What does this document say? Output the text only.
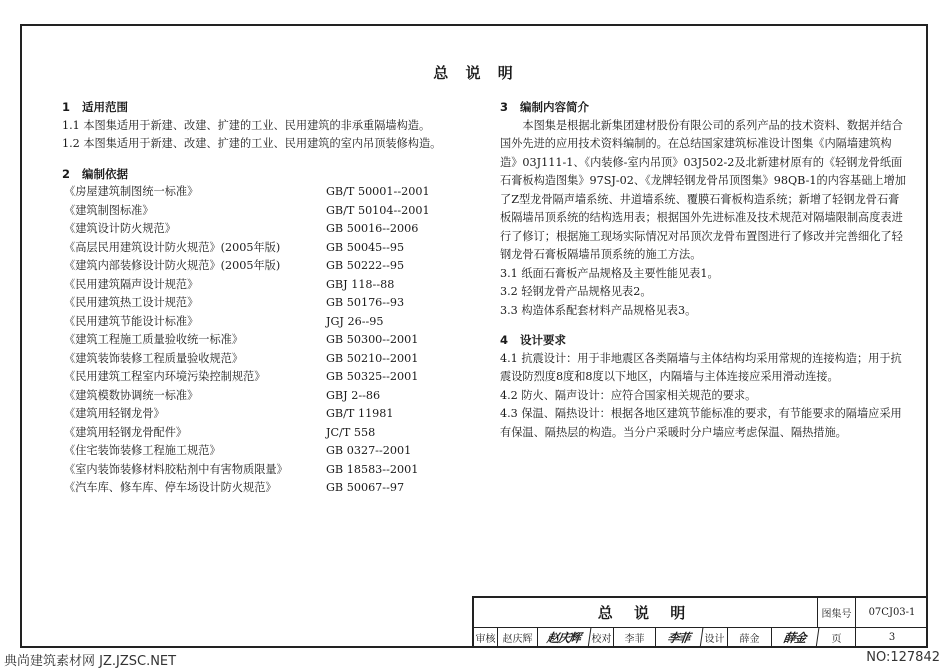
总 说 明
1   适用范围

1.1 本图集适用于新建、改建、扩建的工业、民用建筑的非承重隔墙构造。

1.2 本图集适用于新建、改建、扩建的工业、民用建筑的室内吊顶装修构造。

2   编制依据
《房屋建筑制图统一标准》	GB/T 50001--2001
《建筑制图标准》	GB/T 50104--2001
《建筑设计防火规范》	GB 50016--2006
《高层民用建筑设计防火规范》(2005年版)	GB 50045--95
《建筑内部装修设计防火规范》(2005年版)	GB 50222--95
《民用建筑隔声设计规范》	GBJ 118--88
《民用建筑热工设计规范》	GB 50176--93
《民用建筑节能设计标准》	JGJ 26--95
《建筑工程施工质量验收统一标准》	GB 50300--2001
《建筑装饰装修工程质量验收规范》	GB 50210--2001
《民用建筑工程室内环境污染控制规范》	GB 50325--2001
《建筑模数协调统一标准》	GBJ 2--86
《建筑用轻钢龙骨》	GB/T 11981
《建筑用轻钢龙骨配件》	JC/T 558
《住宅装饰装修工程施工规范》	GB 0327--2001
《室内装饰装修材料胶粘剂中有害物质限量》	GB 18583--2001
《汽车库、修车库、停车场设计防火规范》	GB 50067--97
3   编制内容简介

本图集是根据北新集团建材股份有限公司的系列产品的技术资料、数据并结合国外先进的应用技术资料编制的。在总结国家建筑标准设计图集《内隔墙建筑构造》03J111-1、《内装修-室内吊顶》03J502-2及北新建材原有的《轻钢龙骨纸面石膏板构造图集》97SJ-02、《龙牌轻钢龙骨吊顶图集》98QB-1的内容基础上增加了Z型龙骨隔声墙系统、井道墙系统、覆膜石膏板构造系统；新增了轻钢龙骨石膏板隔墙吊顶系统的结构选用表；根据国外先进标准及技术规范对隔墙限制高度表进行了修订；根据施工现场实际情况对吊顶次龙骨布置图进行了修改并完善细化了轻钢龙骨石膏板隔墙吊顶系统的施工方法。

3.1 纸面石膏板产品规格及主要性能见表1。

3.2 轻钢龙骨产品规格见表2。

3.3 构造体系配套材料产品规格见表3。

4   设计要求

4.1 抗震设计：用于非地震区各类隔墙与主体结构均采用常规的连接构造；用于抗震设防烈度8度和8度以下地区，内隔墙与主体连接应采用滑动连接。

4.2 防火、隔声设计：应符合国家相关规范的要求。

4.3 保温、隔热设计：根据各地区建筑节能标准的要求，有节能要求的隔墙应采用有保温、隔热层的构造。当分户采暖时分户墙应考虑保温、隔热措施。

总 说 明	图集号	07CJ03-1
审核 赵庆辉	赵庆辉	校对	李菲	李菲	设计	薛金	薛金	页	3
典尚建筑素材网 JZ.JZSC.NET	NO:127842
